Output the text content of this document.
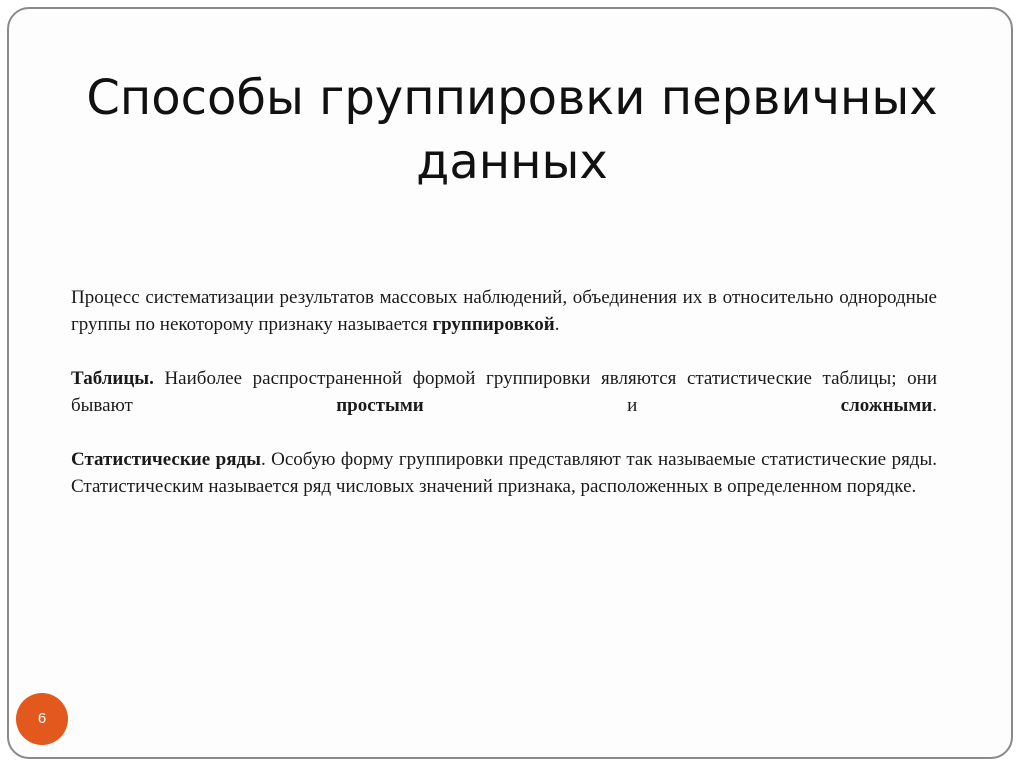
Способы группировки первичных
данных

Процесс систематизации результатов массовых наблюдений, объединения их в относительно однородные группы по некоторому признаку называется группировкой.

Таблицы. Наиболее распространенной формой группировки являются статистические таблицы; они бывают простыми и сложными.

Статистические ряды. Особую форму группировки представляют так называемые статистические ряды. Статистическим называется ряд числовых значений признака, расположенных в определенном порядке.

6
